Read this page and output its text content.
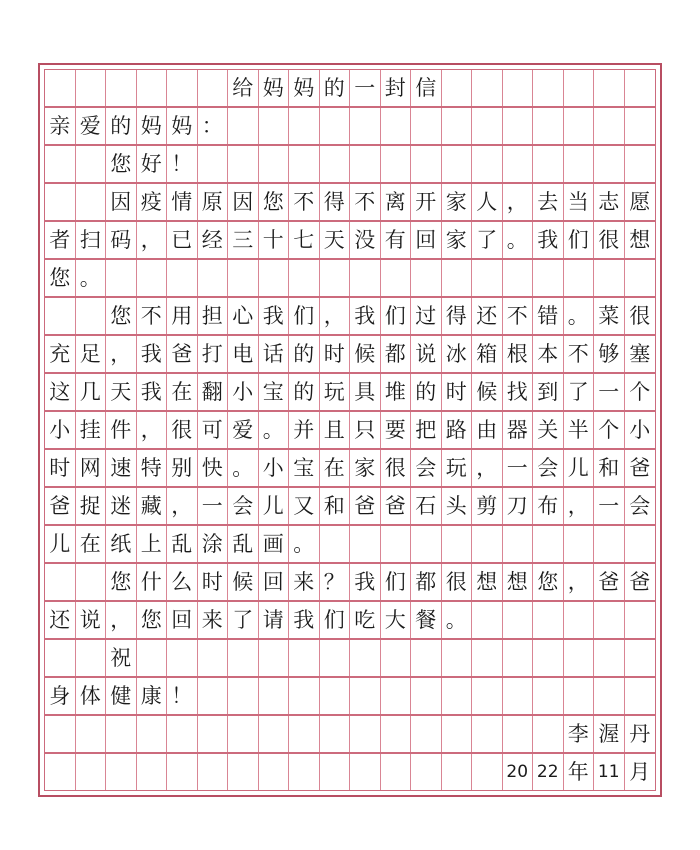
给 妈 妈 的 一 封 信
亲 爱 的 妈 妈 ：
您 好 ！
因 疫 情 原 因 您 不 得 不 离 开 家 人 ， 去 当 志 愿
者 扫 码 ， 已 经 三 十 七 天 没 有 回 家 了 。 我 们 很 想
您 。
您 不 用 担 心 我 们 ， 我 们 过 得 还 不 错 。 菜 很
充 足 ， 我 爸 打 电 话 的 时 候 都 说 冰 箱 根 本 不 够 塞
这 几 天 我 在 翻 小 宝 的 玩 具 堆 的 时 候 找 到 了 一 个
小 挂 件 ， 很 可 爱 。 并 且 只 要 把 路 由 器 关 半 个 小
时 网 速 特 别 快 。 小 宝 在 家 很 会 玩 ， 一 会 儿 和 爸
爸 捉 迷 藏 ， 一 会 儿 又 和 爸 爸 石 头 剪 刀 布 ， 一 会
儿 在 纸 上 乱 涂 乱 画 。
您 什 么 时 候 回 来 ？ 我 们 都 很 想 想 您 ， 爸 爸
还 说 ， 您 回 来 了 请 我 们 吃 大 餐 。
祝
身 体 健 康 ！
李 渥 丹
20 22 年 11 月
